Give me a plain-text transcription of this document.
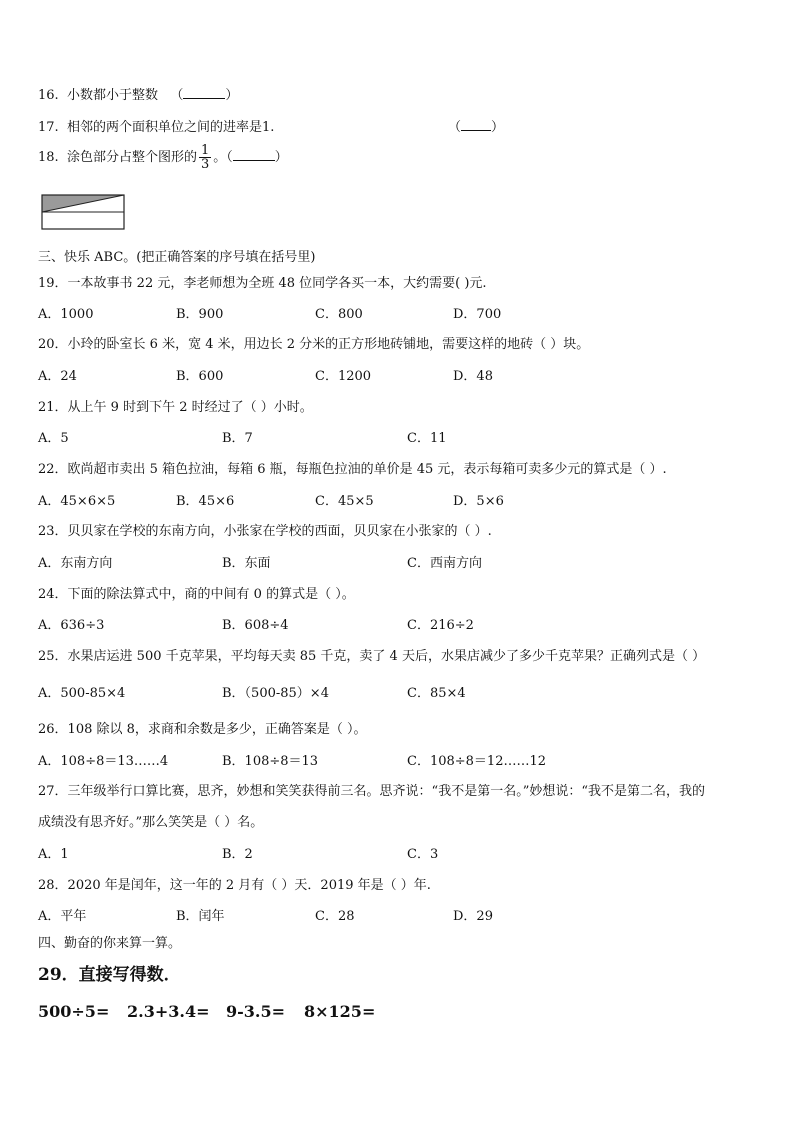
16. 小数都小于整数 （	）
17. 相邻的两个面积单位之间的进率是1.	（ ）
18. 涂色部分占整个图形的 $\frac{1}{3}$ 。（	）
三、快乐 ABC。(把正确答案的序号填在括号里)
19．一本故事书 22 元，李老师想为全班 48 位同学各买一本，大约需要( )元.
A．1000	B．900	C．800	D．700
20．小玲的卧室长 6 米，宽 4 米，用边长 2 分米的正方形地砖铺地，需要这样的地砖（ ）块。
A．24	B．600	C．1200	D．48
21．从上午 9 时到下午 2 时经过了（ ）小时。
A．5	B．7	C．11
22．欧尚超市卖出 5 箱色拉油，每箱 6 瓶，每瓶色拉油的单价是 45 元，表示每箱可卖多少元的算式是（ ）.
A．45×6×5	B．45×6	C．45×5	D．5×6
23．贝贝家在学校的东南方向，小张家在学校的西面，贝贝家在小张家的（ ）.
A．东南方向	B．东面	C．西南方向
24．下面的除法算式中，商的中间有 0 的算式是（ ）。
A．636÷3	B．608÷4	C．216÷2
25．水果店运进 500 千克苹果，平均每天卖 85 千克，卖了 4 天后，水果店减少了多少千克苹果？正确列式是（ ）
A．500-85×4	B．（500-85）×4	C．85×4
26．108 除以 8，求商和余数是多少，正确答案是（ ）。
A．108÷8＝13……4	B．108÷8＝13	C．108÷8＝12……12
27．三年级举行口算比赛，思齐，妙想和笑笑获得前三名。思齐说：“我不是第一名。”妙想说：“我不是第二名，我的
成绩没有思齐好。”那么笑笑是（ ）名。
A．1	B．2	C．3
28．2020 年是闰年，这一年的 2 月有（ ）天．2019 年是（ ）年.
A．平年	B．闰年	C．28	D．29
四、勤奋的你来算一算。
29．直接写得数．
500÷5= 2.3+3.4= 9-3.5= 8×125=
